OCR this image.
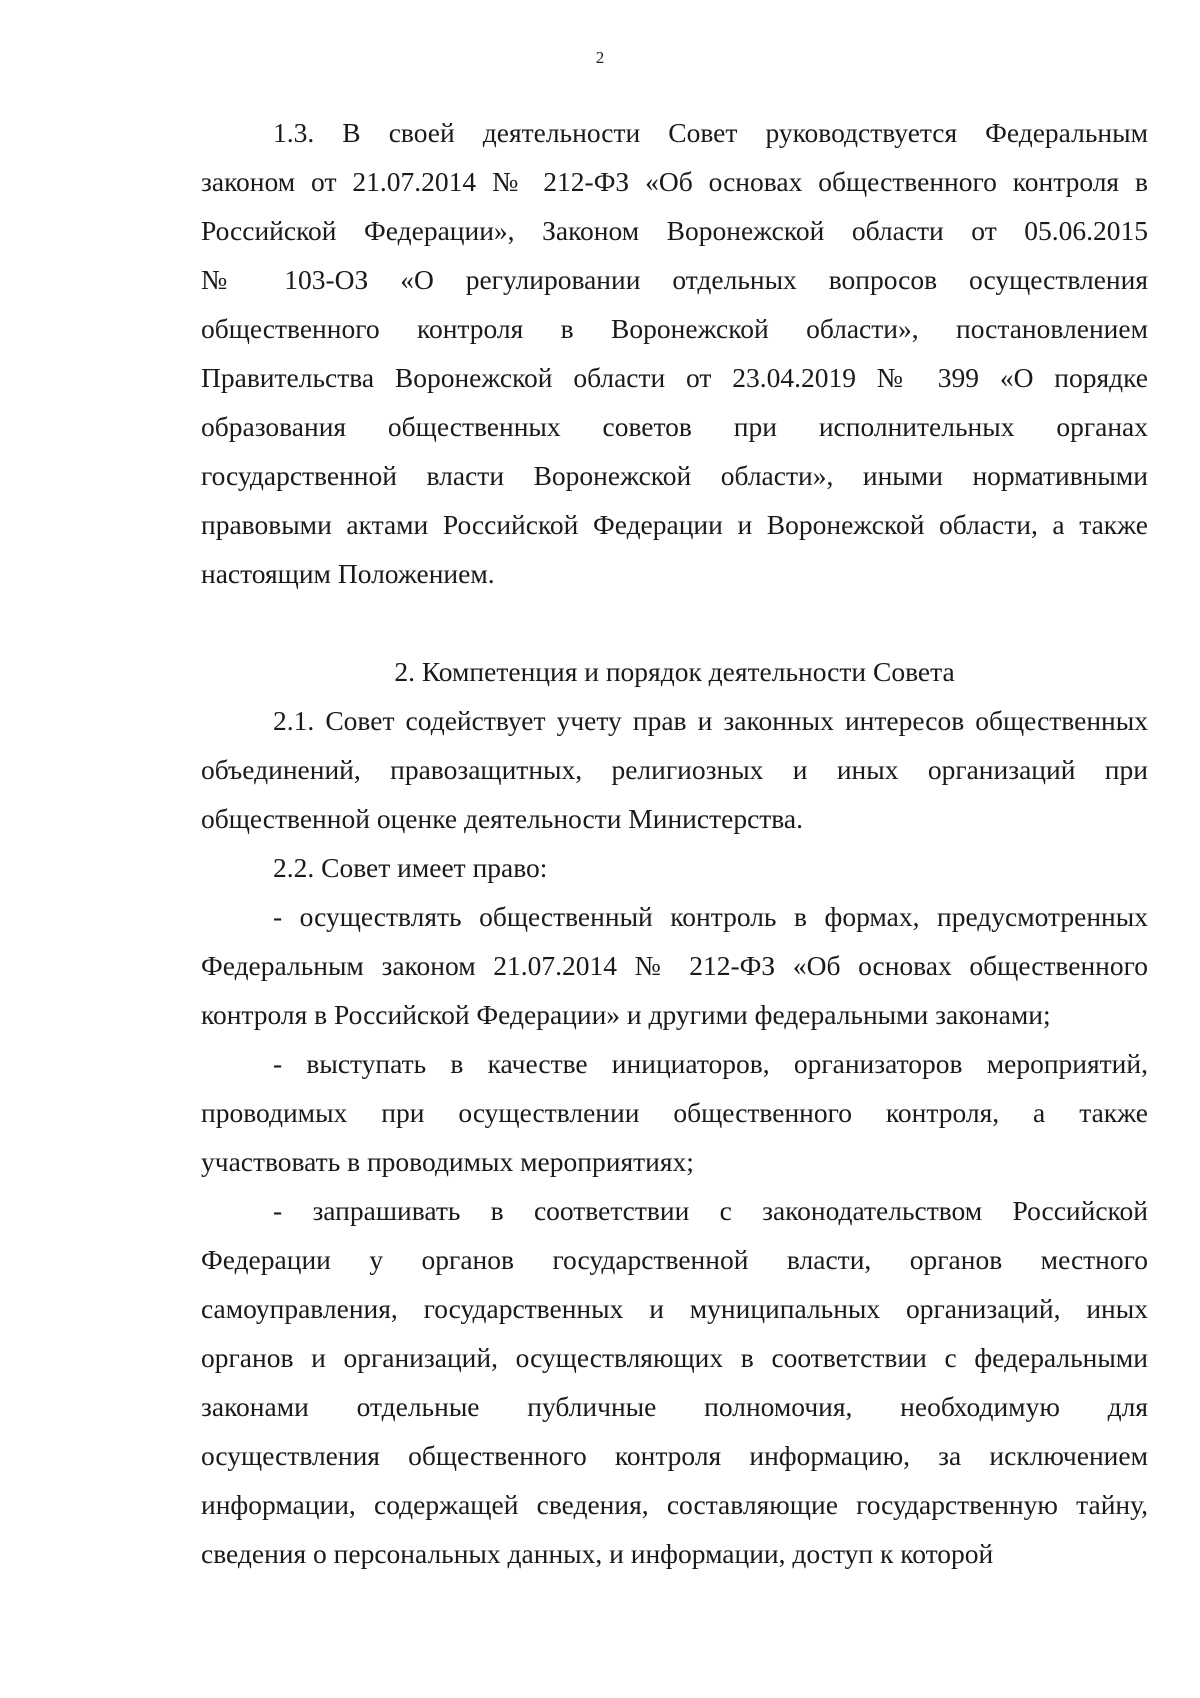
2
1.3. В своей деятельности Совет руководствуется Федеральным
законом от 21.07.2014 № 212-ФЗ «Об основах общественного контроля в
Российской Федерации», Законом Воронежской области от 05.06.2015
№ 103-ОЗ «О регулировании отдельных вопросов осуществления
общественного контроля в Воронежской области», постановлением
Правительства Воронежской области от 23.04.2019 № 399 «О порядке
образования общественных советов при исполнительных органах
государственной власти Воронежской области», иными нормативными
правовыми актами Российской Федерации и Воронежской области, а также
настоящим Положением.
2. Компетенция и порядок деятельности Совета
2.1. Совет содействует учету прав и законных интересов общественных
объединений, правозащитных, религиозных и иных организаций при
общественной оценке деятельности Министерства.
2.2. Совет имеет право:
- осуществлять общественный контроль в формах, предусмотренных
Федеральным законом 21.07.2014 № 212-ФЗ «Об основах общественного
контроля в Российской Федерации» и другими федеральными законами;
- выступать в качестве инициаторов, организаторов мероприятий,
проводимых при осуществлении общественного контроля, а также
участвовать в проводимых мероприятиях;
- запрашивать в соответствии с законодательством Российской
Федерации у органов государственной власти, органов местного
самоуправления, государственных и муниципальных организаций, иных
органов и организаций, осуществляющих в соответствии с федеральными
законами отдельные публичные полномочия, необходимую для
осуществления общественного контроля информацию, за исключением
информации, содержащей сведения, составляющие государственную тайну,
сведения о персональных данных, и информации, доступ к которой
